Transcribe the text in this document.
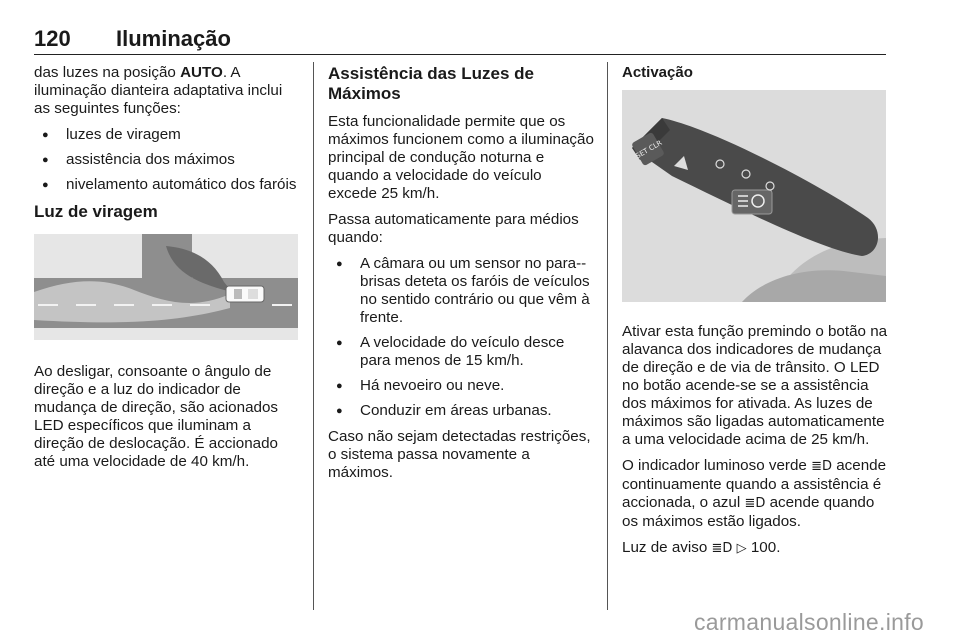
120 Iluminação

das luzes na posição AUTO. A iluminação dianteira adaptativa inclui as seguintes funções:

● luzes de viragem
● assistência dos máximos
● nivelamento automático dos faróis
Luz de viragem

Ao desligar, consoante o ângulo de direção e a luz do indicador de mudança de direção, são acionados LED específicos que iluminam a direção de deslocação. É accionado até uma velocidade de 40 km/h.

Assistência das Luzes de Máximos

Esta funcionalidade permite que os máximos funcionem como a iluminação principal de condução noturna e quando a velocidade do veículo excede 25 km/h.

Passa automaticamente para médios quando:

● A câmara ou um sensor no para--brisas deteta os faróis de veículos no sentido contrário ou que vêm à frente.
● A velocidade do veículo desce para menos de 15 km/h.
● Há nevoeiro ou neve.
● Conduzir em áreas urbanas.

Caso não sejam detectadas restrições, o sistema passa novamente a máximos.

Activação
SET CLR

Ativar esta função premindo o botão na alavanca dos indicadores de mudança de direção e de via de trânsito. O LED no botão acende-se se a assistência dos máximos for ativada. As luzes de máximos são ligadas automaticamente a uma velocidade acima de 25 km/h.

O indicador luminoso verde ≣D acende continuamente quando a assistência é accionada, o azul ≣D acende quando os máximos estão ligados.

Luz de aviso ≣D ▷ 100.

carmanualsonline.info
